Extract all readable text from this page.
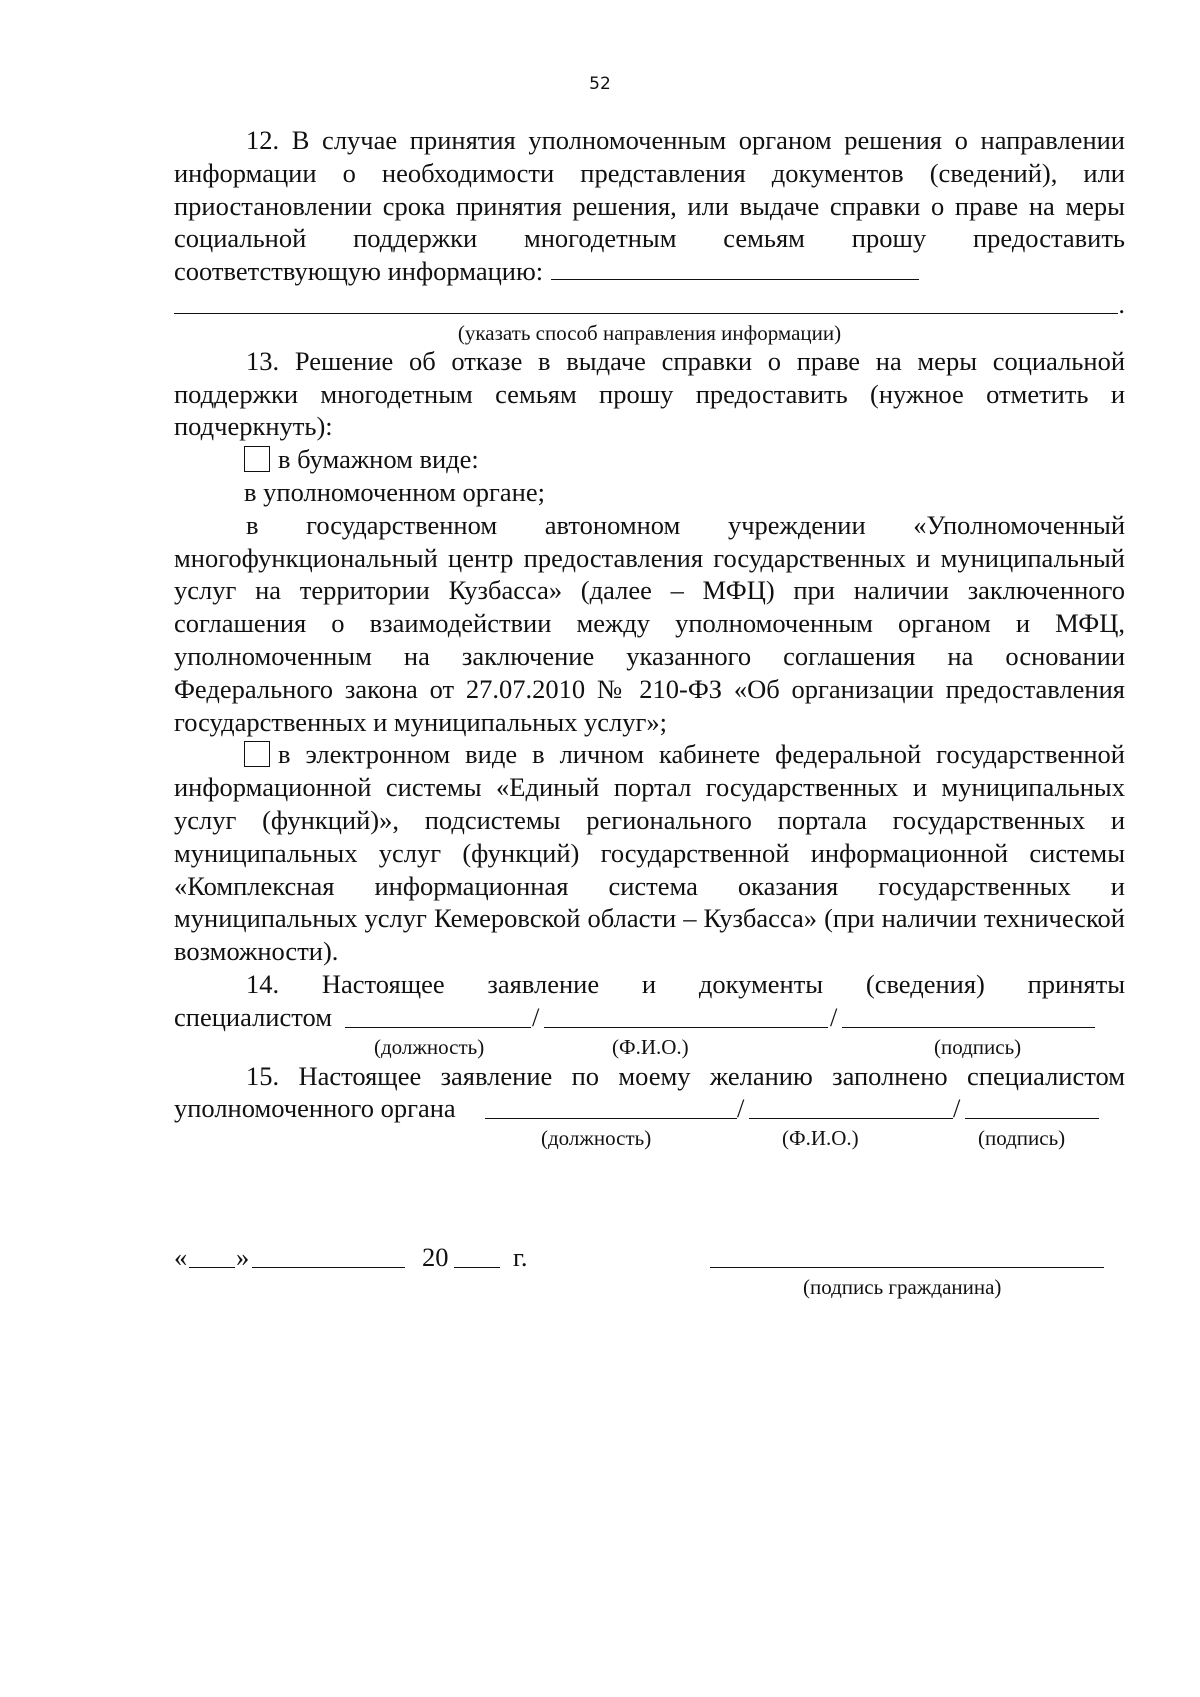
52

12. В случае принятия уполномоченным органом решения о направлении информации о необходимости представления документов (сведений), или приостановлении срока принятия решения, или выдаче справки о праве на меры социальной поддержки многодетным семьям прошу предоставить соответствующую информацию:

.
(указать способ направления информации)

13. Решение об отказе в выдаче справки о праве на меры социальной поддержки многодетным семьям прошу предоставить (нужное отметить и подчеркнуть):

в бумажном виде:
в уполномоченном органе;

в государственном автономном учреждении «Уполномоченный многофункциональный центр предоставления государственных и муниципальный услуг на территории Кузбасса» (далее – МФЦ) при наличии заключенного соглашения о взаимодействии между уполномоченным органом и МФЦ, уполномоченным на заключение указанного соглашения на основании Федерального закона от 27.07.2010 № 210-ФЗ «Об организации предоставления государственных и муниципальных услуг»;

в электронном виде в личном кабинете федеральной государственной информационной системы «Единый портал государственных и муниципальных услуг (функций)», подсистемы регионального портала государственных и муниципальных услуг (функций) государственной информационной системы «Комплексная информационная система оказания государственных и муниципальных услуг Кемеровской области – Кузбасса» (при наличии технической возможности).

14. Настоящее заявление и документы (сведения) приняты

специалистом	/	/
(должность)	(Ф.И.О.)	(подпись)

15. Настоящее заявление по моему желанию заполнено специалистом

уполномоченного органа	/	/
(должность)	(Ф.И.О.)	(подпись)
« »	20 г.
(подпись гражданина)
